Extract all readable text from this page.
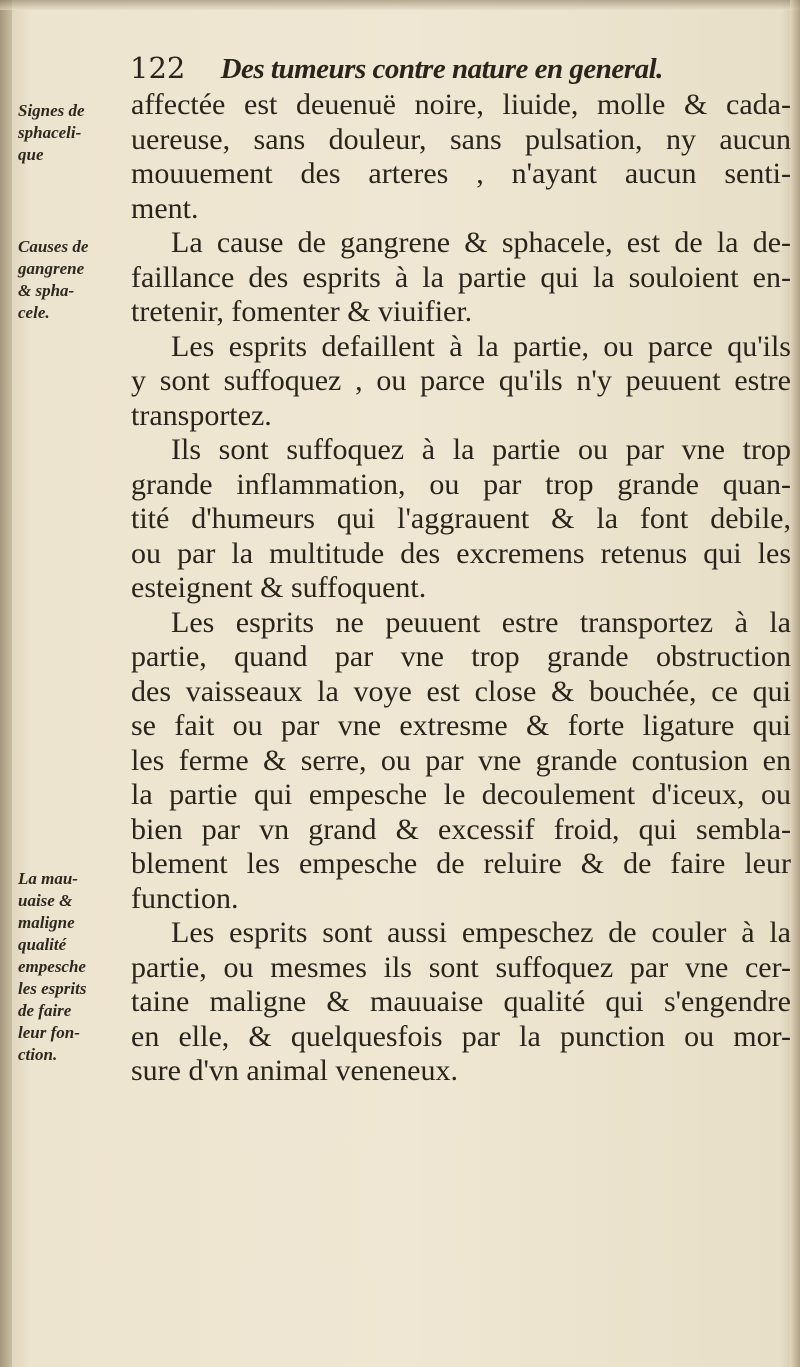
122 Des tumeurs contre nature en general.
Signes de
sphaceli-
que
Causes de
gangrene
& spha-
cele.
La mau-
uaise &
maligne
qualité
empesche
les esprits
de faire
leur fon-
ction.
affectée est deuenuë noire, liuide, molle & cada-
uereuse, sans douleur, sans pulsation, ny aucun
mouuement des arteres , n'ayant aucun senti-
ment.
La cause de gangrene & sphacele, est de la de-
faillance des esprits à la partie qui la souloient en-
tretenir, fomenter & viuifier.
Les esprits defaillent à la partie, ou parce qu'ils
y sont suffoquez , ou parce qu'ils n'y peuuent estre
transportez.
Ils sont suffoquez à la partie ou par vne trop
grande inflammation, ou par trop grande quan-
tité d'humeurs qui l'aggrauent & la font debile,
ou par la multitude des excremens retenus qui les
esteignent & suffoquent.
Les esprits ne peuuent estre transportez à la
partie, quand par vne trop grande obstruction
des vaisseaux la voye est close & bouchée, ce qui
se fait ou par vne extresme & forte ligature qui
les ferme & serre, ou par vne grande contusion en
la partie qui empesche le decoulement d'iceux, ou
bien par vn grand & excessif froid, qui sembla-
blement les empesche de reluire & de faire leur
function.
Les esprits sont aussi empeschez de couler à la
partie, ou mesmes ils sont suffoquez par vne cer-
taine maligne & mauuaise qualité qui s'engendre
en elle, & quelquesfois par la punction ou mor-
sure d'vn animal veneneux.
